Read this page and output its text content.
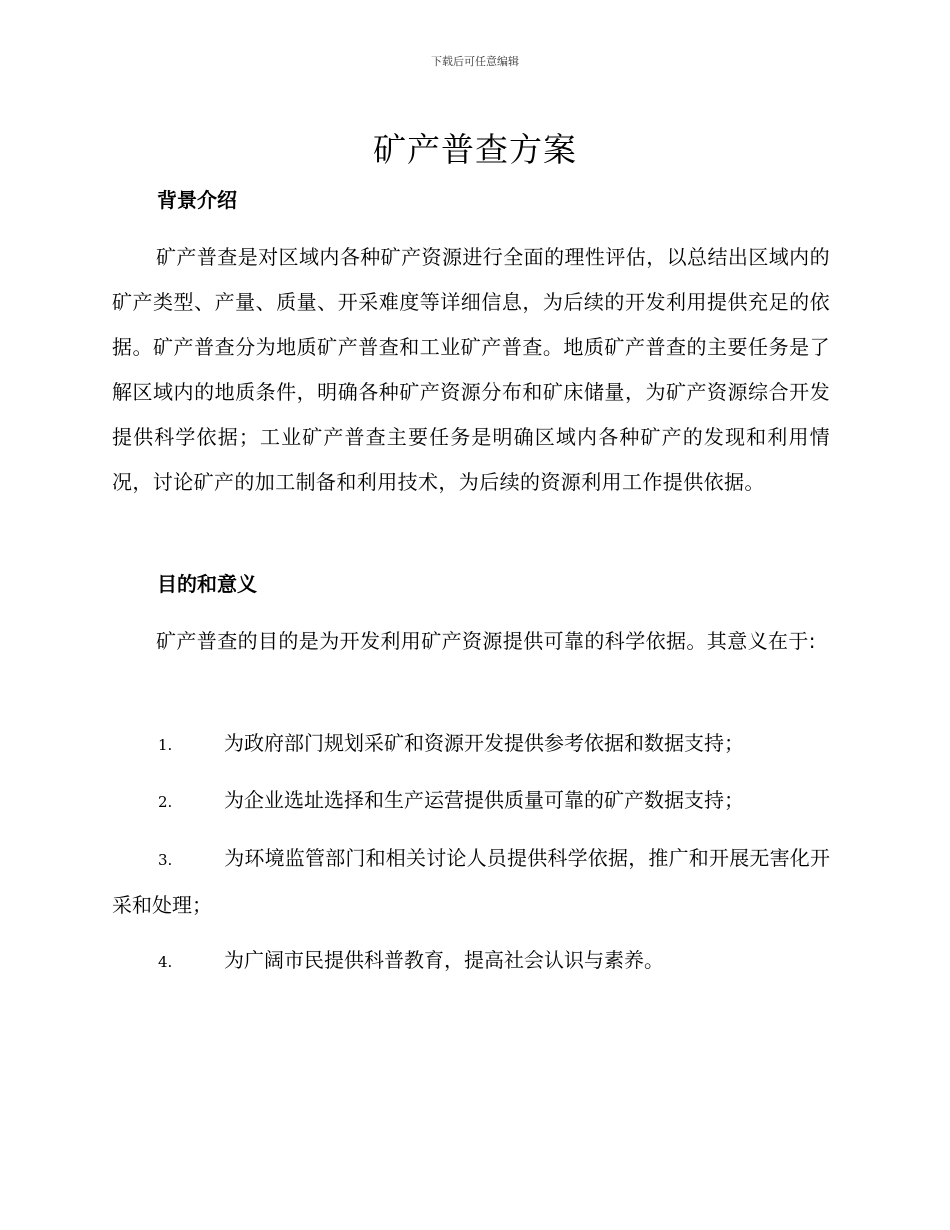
下载后可任意编辑
矿产普查方案
背景介绍

矿产普查是对区域内各种矿产资源进行全面的理性评估，以总结出区域内的矿产类型、产量、质量、开采难度等详细信息，为后续的开发利用提供充足的依据。矿产普查分为地质矿产普查和工业矿产普查。地质矿产普查的主要任务是了解区域内的地质条件，明确各种矿产资源分布和矿床储量，为矿产资源综合开发提供科学依据；工业矿产普查主要任务是明确区域内各种矿产的发现和利用情况，讨论矿产的加工制备和利用技术，为后续的资源利用工作提供依据。

目的和意义

矿产普查的目的是为开发利用矿产资源提供可靠的科学依据。其意义在于:

1.	为政府部门规划采矿和资源开发提供参考依据和数据支持；

2.	为企业选址选择和生产运营提供质量可靠的矿产数据支持；

3.	为环境监管部门和相关讨论人员提供科学依据，推广和开展无害化开采和处理；

4.	为广阔市民提供科普教育，提高社会认识与素养。
